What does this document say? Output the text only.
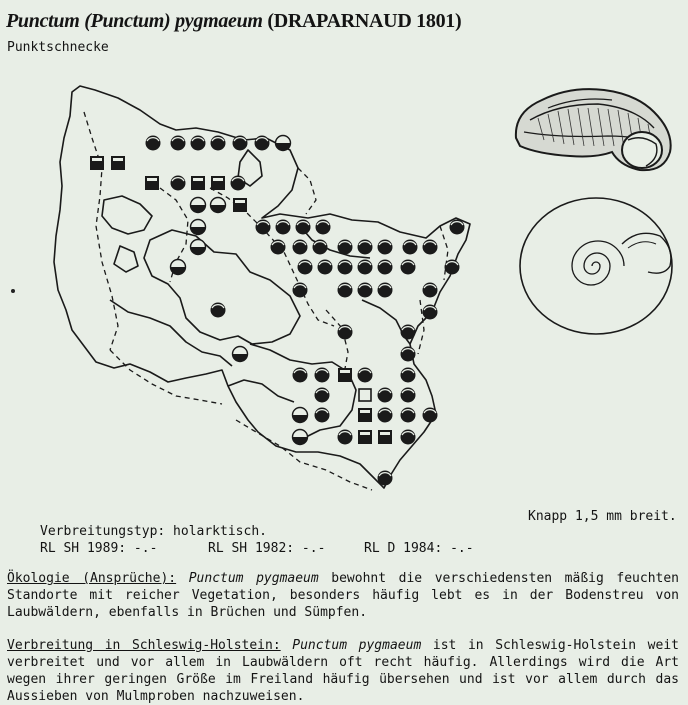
Punctum (Punctum) pygmaeum (DRAPARNAUD 1801)
Punktschnecke
Knapp 1,5 mm breit.
Verbreitungstyp: holarktisch.
RL SH 1989: -.-	RL SH 1982: -.-	RL D 1984: -.-
Ökologie (Ansprüche): Punctum pygmaeum bewohnt die verschiedensten mäßig feuchten Standorte mit reicher Vegetation, besonders häufig lebt es in der Bodenstreu von Laubwäldern, ebenfalls in Brüchen und Sümpfen.
Verbreitung in Schleswig-Holstein: Punctum pygmaeum ist in Schleswig-Holstein weit verbreitet und vor allem in Laubwäldern oft recht häufig. Allerdings wird die Art wegen ihrer geringen Größe im Freiland häufig übersehen und ist vor allem durch das Aussieben von Mulmproben nachzuweisen.
